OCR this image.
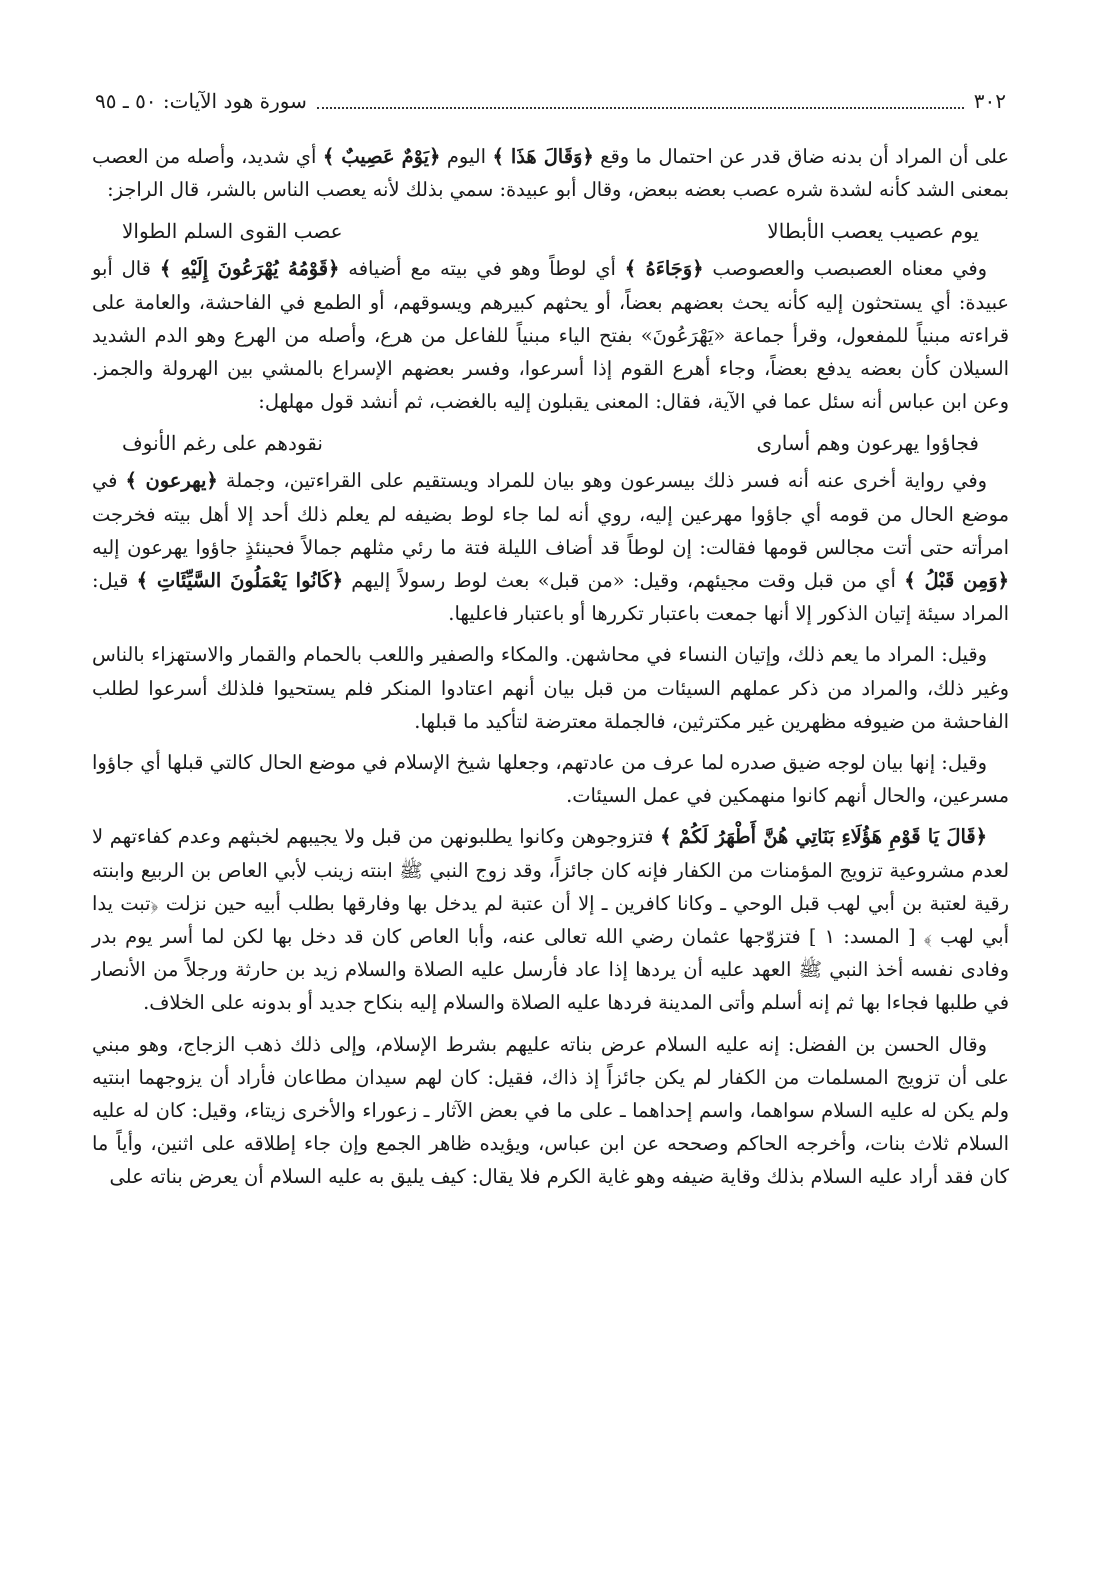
٣٠٢
سورة هود الآيات: ٥٠ ـ ٩٥

على أن المراد أن بدنه ضاق قدر عن احتمال ما وقع ﴿وَقَالَ هَذَا ﴾ اليوم ﴿يَوْمٌ عَصِيبٌ ﴾ أي شديد، وأصله من العصب بمعنى الشد كأنه لشدة شره عصب بعضه ببعض، وقال أبو عبيدة: سمي بذلك لأنه يعصب الناس بالشر، قال الراجز:

يوم عصيب يعصب الأبطالا
عصب القوى السلم الطوالا

وفي معناه العصبصب والعصوصب ﴿وَجَاءَهُ ﴾ أي لوطاً وهو في بيته مع أضيافه ﴿قَوْمُهُ يُهْرَعُونَ إِلَيْهِ ﴾ قال أبو عبيدة: أي يستحثون إليه كأنه يحث بعضهم بعضاً، أو يحثهم كبيرهم ويسوقهم، أو الطمع في الفاحشة، والعامة على قراءته مبنياً للمفعول، وقرأ جماعة «يَهْرَعُونَ» بفتح الياء مبنياً للفاعل من هرع، وأصله من الهرع وهو الدم الشديد السيلان كأن بعضه يدفع بعضاً، وجاء أهرع القوم إذا أسرعوا، وفسر بعضهم الإسراع بالمشي بين الهرولة والجمز. وعن ابن عباس أنه سئل عما في الآية، فقال: المعنى يقبلون إليه بالغضب، ثم أنشد قول مهلهل:

فجاؤوا يهرعون وهم أسارى
نقودهم على رغم الأنوف

وفي رواية أخرى عنه أنه فسر ذلك بيسرعون وهو بيان للمراد ويستقيم على القراءتين، وجملة ﴿يهرعون ﴾ في موضع الحال من قومه أي جاؤوا مهرعين إليه، روي أنه لما جاء لوط بضيفه لم يعلم ذلك أحد إلا أهل بيته فخرجت امرأته حتى أتت مجالس قومها فقالت: إن لوطاً قد أضاف الليلة فتة ما رئي مثلهم جمالاً فحينئذٍ جاؤوا يهرعون إليه ﴿وَمِن قَبْلُ ﴾ أي من قبل وقت مجيئهم، وقيل: «من قبل» بعث لوط رسولاً إليهم ﴿كَانُوا يَعْمَلُونَ السَّيِّئَاتِ ﴾ قيل: المراد سيئة إتيان الذكور إلا أنها جمعت باعتبار تكررها أو باعتبار فاعليها.

وقيل: المراد ما يعم ذلك، وإتيان النساء في محاشهن. والمكاء والصفير واللعب بالحمام والقمار والاستهزاء بالناس وغير ذلك، والمراد من ذكر عملهم السيئات من قبل بيان أنهم اعتادوا المنكر فلم يستحيوا فلذلك أسرعوا لطلب الفاحشة من ضيوفه مظهرين غير مكترثين، فالجملة معترضة لتأكيد ما قبلها.

وقيل: إنها بيان لوجه ضيق صدره لما عرف من عادتهم، وجعلها شيخ الإسلام في موضع الحال كالتي قبلها أي جاؤوا مسرعين، والحال أنهم كانوا منهمكين في عمل السيئات.

﴿قَالَ يَا قَوْمِ هَؤُلَاءِ بَنَاتِي هُنَّ أَطْهَرُ لَكُمْ ﴾ فتزوجوهن وكانوا يطلبونهن من قبل ولا يجيبهم لخبثهم وعدم كفاءتهم لا لعدم مشروعية تزويج المؤمنات من الكفار فإنه كان جائزاً، وقد زوج النبي ﷺ ابنته زينب لأبي العاص بن الربيع وابنته رقية لعتبة بن أبي لهب قبل الوحي ـ وكانا كافرين ـ إلا أن عتبة لم يدخل بها وفارقها بطلب أبيه حين نزلت ﴿تبت يدا أبي لهب ﴾ [ المسد: ١ ] فتزوّجها عثمان رضي الله تعالى عنه، وأبا العاص كان قد دخل بها لكن لما أسر يوم بدر وفادى نفسه أخذ النبي ﷺ العهد عليه أن يردها إذا عاد فأرسل عليه الصلاة والسلام زيد بن حارثة ورجلاً من الأنصار في طلبها فجاءا بها ثم إنه أسلم وأتى المدينة فردها عليه الصلاة والسلام إليه بنكاح جديد أو بدونه على الخلاف.

وقال الحسن بن الفضل: إنه عليه السلام عرض بناته عليهم بشرط الإسلام، وإلى ذلك ذهب الزجاج، وهو مبني على أن تزويج المسلمات من الكفار لم يكن جائزاً إذ ذاك، فقيل: كان لهم سيدان مطاعان فأراد أن يزوجهما ابنتيه ولم يكن له عليه السلام سواهما، واسم إحداهما ـ على ما في بعض الآثار ـ زعوراء والأخرى زيتاء، وقيل: كان له عليه السلام ثلاث بنات، وأخرجه الحاكم وصححه عن ابن عباس، ويؤيده ظاهر الجمع وإن جاء إطلاقه على اثنين، وأياً ما كان فقد أراد عليه السلام بذلك وقاية ضيفه وهو غاية الكرم فلا يقال: كيف يليق به عليه السلام أن يعرض بناته على
